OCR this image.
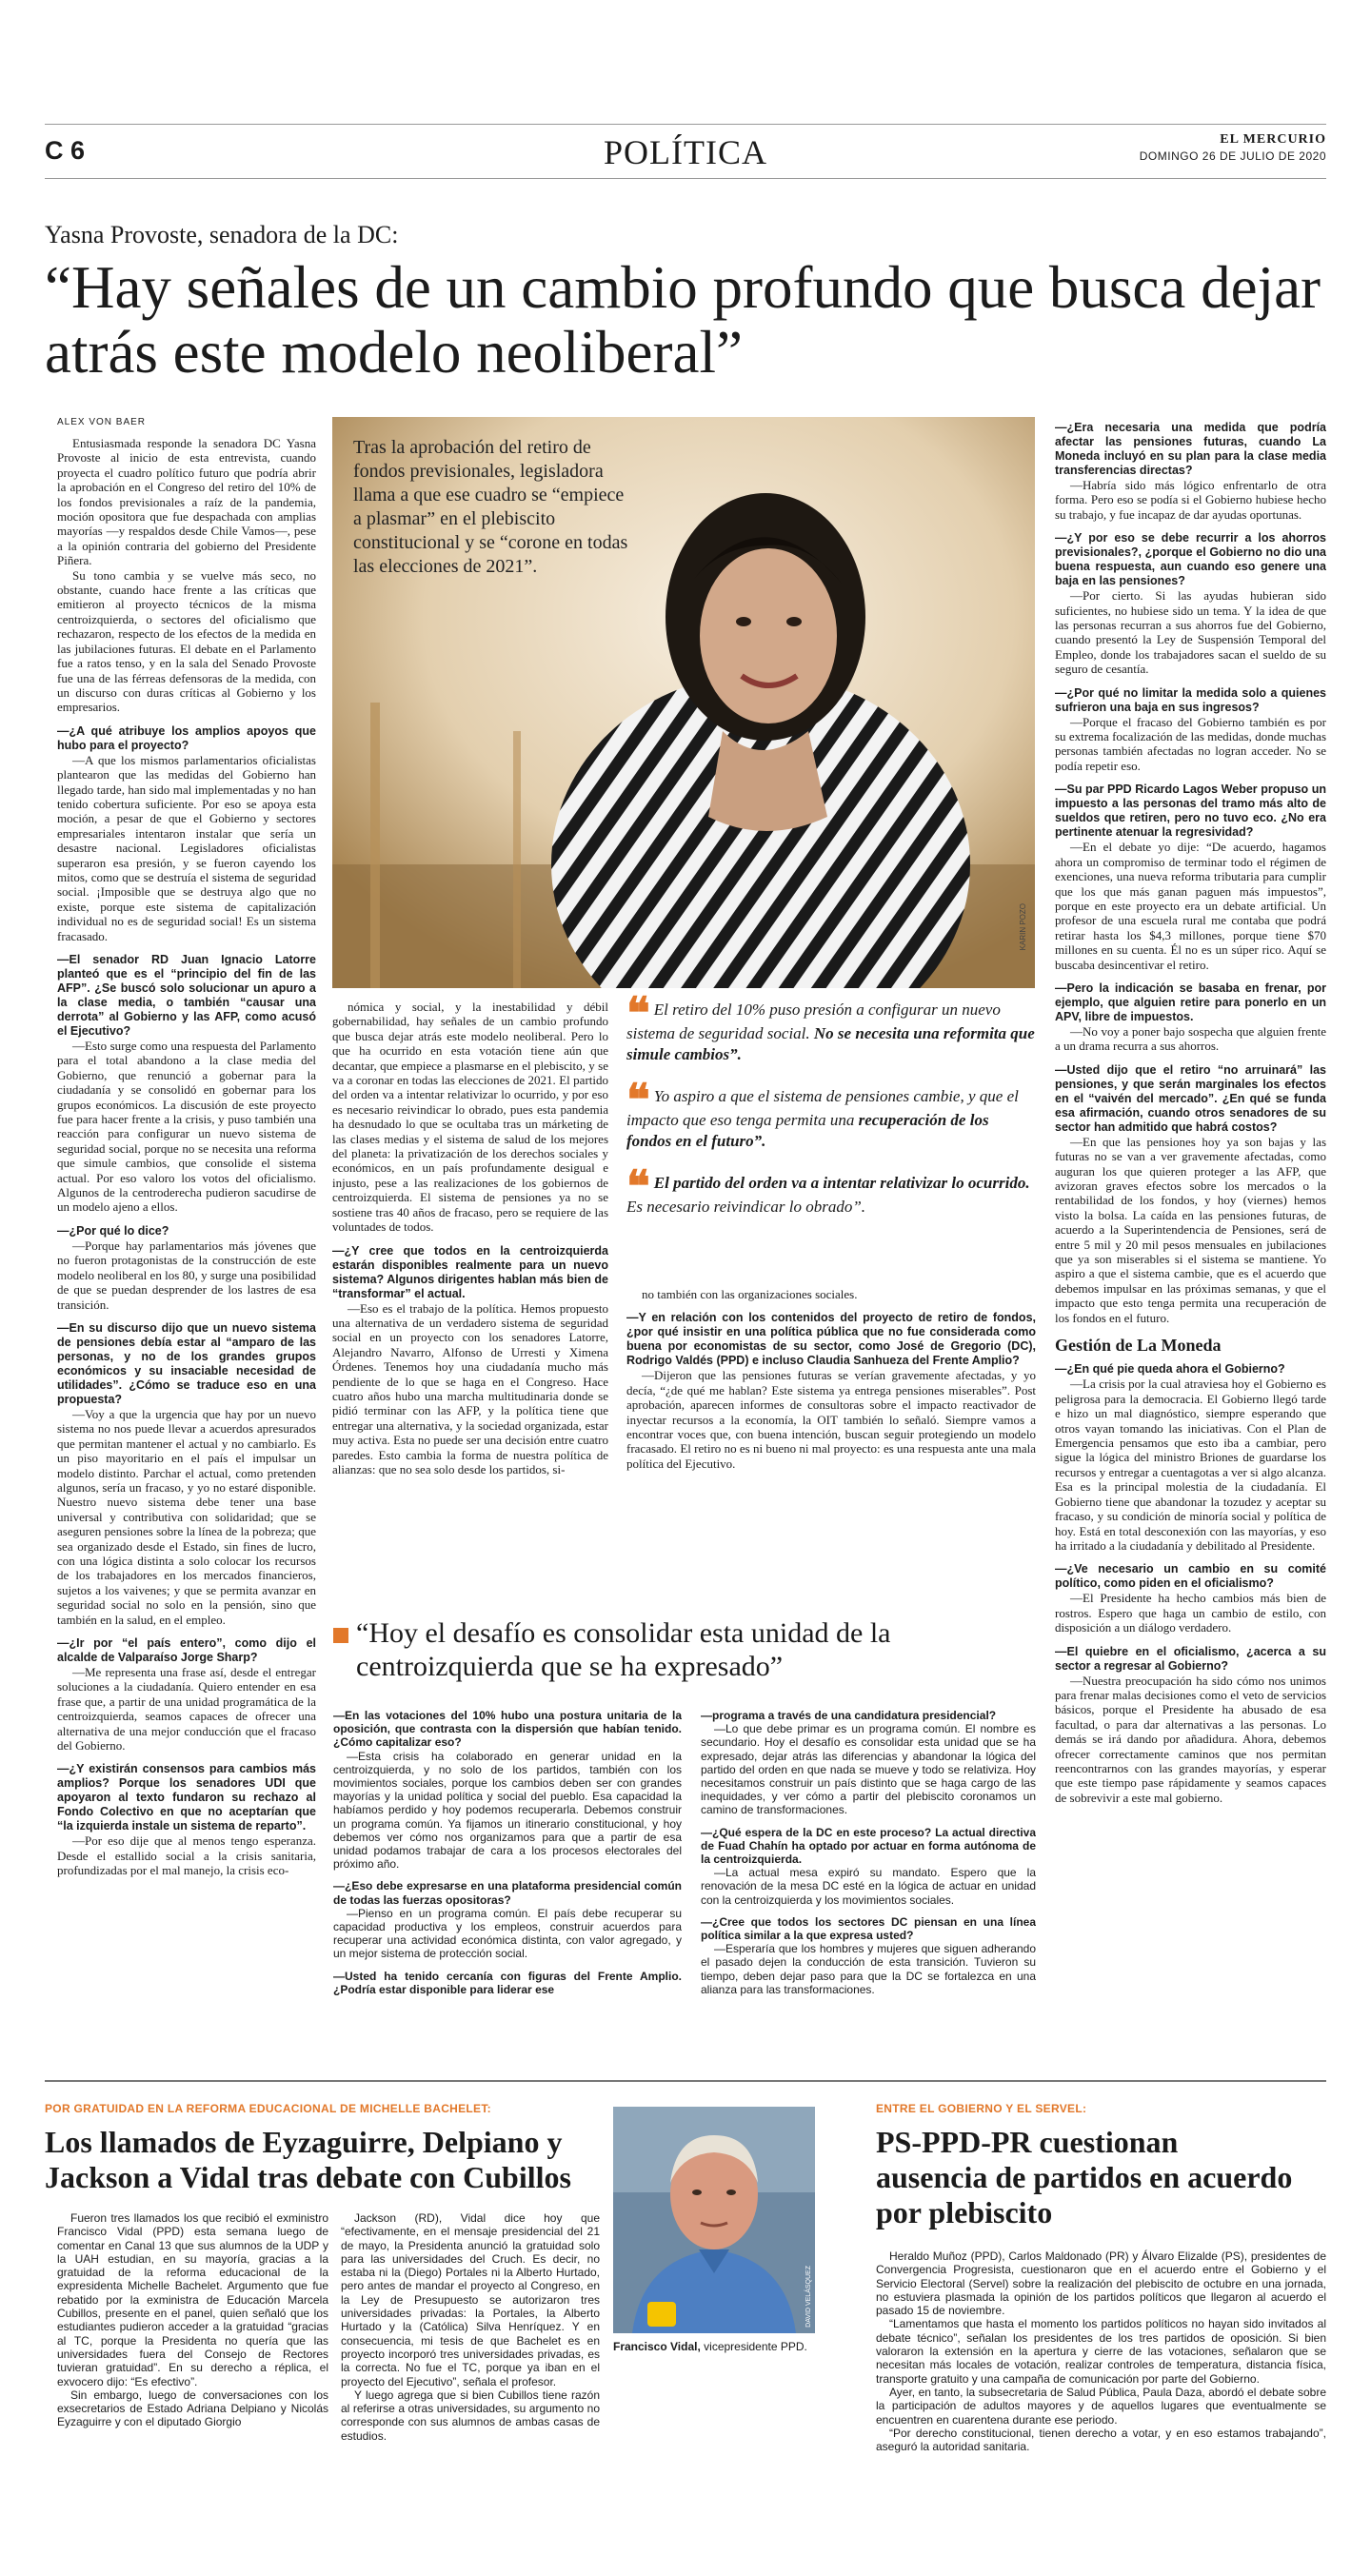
C 6	POLÍTICA	EL MERCURIO
DOMINGO 26 DE JULIO DE 2020
Yasna Provoste, senadora de la DC:
“Hay señales de un cambio profundo que busca dejar atrás este modelo neoliberal”
ALEX VON BAER
Tras la aprobación del retiro de fondos previsionales, legisladora llama a que ese cuadro se “empiece a plasmar” en el plebiscito constitucional y se “corone en todas las elecciones de 2021”.
KARIN POZO

Entusiasmada responde la senadora DC Yasna Provoste al inicio de esta entrevista, cuando proyecta el cuadro político futuro que podría abrir la aprobación en el Congreso del retiro del 10% de los fondos previsionales a raíz de la pandemia, moción opositora que fue despachada con amplias mayorías —y respaldos desde Chile Vamos—, pese a la opinión contraria del gobierno del Presidente Piñera.

Su tono cambia y se vuelve más seco, no obstante, cuando hace frente a las críticas que emitieron al proyecto técnicos de la misma centroizquierda, o sectores del oficialismo que rechazaron, respecto de los efectos de la medida en las jubilaciones futuras. El debate en el Parlamento fue a ratos tenso, y en la sala del Senado Provoste fue una de las férreas defensoras de la medida, con un discurso con duras críticas al Gobierno y los empresarios.

— ¿A qué atribuye los amplios apoyos que hubo para el proyecto?

— A que los mismos parlamentarios oficialistas plantearon que las medidas del Gobierno han llegado tarde, han sido mal implementadas y no han tenido cobertura suficiente. Por eso se apoya esta moción, a pesar de que el Gobierno y sectores empresariales intentaron instalar que sería un desastre nacional. Legisladores oficialistas superaron esa presión, y se fueron cayendo los mitos, como que se destruía el sistema de seguridad social. ¡Imposible que se destruya algo que no existe, porque este sistema de capitalización individual no es de seguridad social! Es un sistema fracasado.

— El senador RD Juan Ignacio Latorre planteó que es el “principio del fin de las AFP”. ¿Se buscó solo solucionar un apuro a la clase media, o también “causar una derrota” al Gobierno y las AFP, como acusó el Ejecutivo?

— Esto surge como una respuesta del Parlamento para el total abandono a la clase media del Gobierno, que renunció a gobernar para la ciudadanía y se consolidó en gobernar para los grupos económicos. La discusión de este proyecto fue para hacer frente a la crisis, y puso también una reacción para configurar un nuevo sistema de seguridad social, porque no se necesita una reforma que simule cambios, que consolide el sistema actual. Por eso valoro los votos del oficialismo. Algunos de la centroderecha pudieron sacudirse de un modelo ajeno a ellos.

— ¿Por qué lo dice?

— Porque hay parlamentarios más jóvenes que no fueron protagonistas de la construcción de este modelo neoliberal en los 80, y surge una posibilidad de que se puedan desprender de los lastres de esa transición.

— En su discurso dijo que un nuevo sistema de pensiones debía estar al “amparo de las personas, y no de los grandes grupos económicos y su insaciable necesidad de utilidades”. ¿Cómo se traduce eso en una propuesta?

— Voy a que la urgencia que hay por un nuevo sistema no nos puede llevar a acuerdos apresurados que permitan mantener el actual y no cambiarlo. Es un piso mayoritario en el país el impulsar un modelo distinto. Parchar el actual, como pretenden algunos, sería un fracaso, y yo no estaré disponible. Nuestro nuevo sistema debe tener una base universal y contributiva con solidaridad; que se aseguren pensiones sobre la línea de la pobreza; que sea organizado desde el Estado, sin fines de lucro, con una lógica distinta a solo colocar los recursos de los trabajadores en los mercados financieros, sujetos a los vaivenes; y que se permita avanzar en seguridad social no solo en la pensión, sino que también en la salud, en el empleo.

— ¿Ir por “el país entero”, como dijo el alcalde de Valparaíso Jorge Sharp?

— Me representa una frase así, desde el entregar soluciones a la ciudadanía. Quiero entender en esa frase que, a partir de una unidad programática de la centroizquierda, seamos capaces de ofrecer una alternativa de una mejor conducción que el fracaso del Gobierno.

— ¿Y existirán consensos para cambios más amplios? Porque los senadores UDI que apoyaron al texto fundaron su rechazo al Fondo Colectivo en que no aceptarían que “la izquierda instale un sistema de reparto”.

— Por eso dije que al menos tengo esperanza. Desde el estallido social a la crisis sanitaria, profundizadas por el mal manejo, la crisis eco-

nómica y social, y la inestabilidad y débil gobernabilidad, hay señales de un cambio profundo que busca dejar atrás este modelo neoliberal. Pero lo que ha ocurrido en esta votación tiene aún que decantar, que empiece a plasmarse en el plebiscito, y se va a coronar en todas las elecciones de 2021. El partido del orden va a intentar relativizar lo ocurrido, y por eso es necesario reivindicar lo obrado, pues esta pandemia ha desnudado lo que se ocultaba tras un márketing de las clases medias y el sistema de salud de los mejores del planeta: la privatización de los derechos sociales y económicos, en un país profundamente desigual e injusto, pese a las realizaciones de los gobiernos de centroizquierda. El sistema de pensiones ya no se sostiene tras 40 años de fracaso, pero se requiere de las voluntades de todos.

— ¿Y cree que todos en la centroizquierda estarán disponibles realmente para un nuevo sistema? Algunos dirigentes hablan más bien de “transformar” el actual.

— Eso es el trabajo de la política. Hemos propuesto una alternativa de un verdadero sistema de seguridad social en un proyecto con los senadores Latorre, Alejandro Navarro, Alfonso de Urresti y Ximena Órdenes. Tenemos hoy una ciudadanía mucho más pendiente de lo que se haga en el Congreso. Hace cuatro años hubo una marcha multitudinaria donde se pidió terminar con las AFP, y la política tiene que entregar una alternativa, y la sociedad organizada, estar muy activa. Esta no puede ser una decisión entre cuatro paredes. Esto cambia la forma de nuestra política de alianzas: que no sea solo desde los partidos, si-

❝ El retiro del 10% puso presión a configurar un nuevo sistema de seguridad social. No se necesita una reformita que simule cambios”.
❝ Yo aspiro a que el sistema de pensiones cambie, y que el impacto que eso tenga permita una recuperación de los fondos en el futuro”.
❝ El partido del orden va a intentar relativizar lo ocurrido. Es necesario reivindicar lo obrado”.

no también con las organizaciones sociales.

— Y en relación con los contenidos del proyecto de retiro de fondos, ¿por qué insistir en una política pública que no fue considerada como buena por economistas de su sector, como José de Gregorio (DC), Rodrigo Valdés (PPD) e incluso Claudia Sanhueza del Frente Amplio?

— Dijeron que las pensiones futuras se verían gravemente afectadas, y yo decía, “¿de qué me hablan? Este sistema ya entrega pensiones miserables”. Post aprobación, aparecen informes de consultoras sobre el impacto reactivador de inyectar recursos a la economía, la OIT también lo señaló. Siempre vamos a encontrar voces que, con buena intención, buscan seguir protegiendo un modelo fracasado. El retiro no es ni bueno ni mal proyecto: es una respuesta ante una mala política del Ejecutivo.

— ¿Era necesaria una medida que podría afectar las pensiones futuras, cuando La Moneda incluyó en su plan para la clase media transferencias directas?

— Habría sido más lógico enfrentarlo de otra forma. Pero eso se podía si el Gobierno hubiese hecho su trabajo, y fue incapaz de dar ayudas oportunas.

— ¿Y por eso se debe recurrir a los ahorros previsionales?, ¿porque el Gobierno no dio una buena respuesta, aun cuando eso genere una baja en las pensiones?

— Por cierto. Si las ayudas hubieran sido suficientes, no hubiese sido un tema. Y la idea de que las personas recurran a sus ahorros fue del Gobierno, cuando presentó la Ley de Suspensión Temporal del Empleo, donde los trabajadores sacan el sueldo de su seguro de cesantía.

— ¿Por qué no limitar la medida solo a quienes sufrieron una baja en sus ingresos?

— Porque el fracaso del Gobierno también es por su extrema focalización de las medidas, donde muchas personas también afectadas no logran acceder. No se podía repetir eso.

— Su par PPD Ricardo Lagos Weber propuso un impuesto a las personas del tramo más alto de sueldos que retiren, pero no tuvo eco. ¿No era pertinente atenuar la regresividad?

— En el debate yo dije: “De acuerdo, hagamos ahora un compromiso de terminar todo el régimen de exenciones, una nueva reforma tributaria para cumplir que los que más ganan paguen más impuestos”, porque en este proyecto era un debate artificial. Un profesor de una escuela rural me contaba que podrá retirar hasta los $4,3 millones, porque tiene $70 millones en su cuenta. Él no es un súper rico. Aquí se buscaba desincentivar el retiro.

— Pero la indicación se basaba en frenar, por ejemplo, que alguien retire para ponerlo en un APV, libre de impuestos.

— No voy a poner bajo sospecha que alguien frente a un drama recurra a sus ahorros.

— Usted dijo que el retiro “no arruinará” las pensiones, y que serán marginales los efectos en el “vaivén del mercado”. ¿En qué se funda esa afirmación, cuando otros senadores de su sector han admitido que habrá costos?

— En que las pensiones hoy ya son bajas y las futuras no se van a ver gravemente afectadas, como auguran los que quieren proteger a las AFP, que avizoran graves efectos sobre los mercados o la rentabilidad de los fondos, y hoy (viernes) hemos visto la bolsa. La caída en las pensiones futuras, de acuerdo a la Superintendencia de Pensiones, será de entre 5 mil y 20 mil pesos mensuales en jubilaciones que ya son miserables si el sistema se mantiene. Yo aspiro a que el sistema cambie, que es el acuerdo que debemos impulsar en las próximas semanas, y que el impacto que esto tenga permita una recuperación de los fondos en el futuro.

Gestión de La Moneda

— ¿En qué pie queda ahora el Gobierno?

— La crisis por la cual atraviesa hoy el Gobierno es peligrosa para la democracia. El Gobierno llegó tarde e hizo un mal diagnóstico, siempre esperando que otros vayan tomando las iniciativas. Con el Plan de Emergencia pensamos que esto iba a cambiar, pero sigue la lógica del ministro Briones de guardarse los recursos y entregar a cuentagotas a ver si algo alcanza. Esa es la principal molestia de la ciudadanía. El Gobierno tiene que abandonar la tozudez y aceptar su fracaso, y su condición de minoría social y política de hoy. Está en total desconexión con las mayorías, y eso ha irritado a la ciudadanía y debilitado al Presidente.

— ¿Ve necesario un cambio en su comité político, como piden en el oficialismo?

— El Presidente ha hecho cambios más bien de rostros. Espero que haga un cambio de estilo, con disposición a un diálogo verdadero.

— El quiebre en el oficialismo, ¿acerca a su sector a regresar al Gobierno?

— Nuestra preocupación ha sido cómo nos unimos para frenar malas decisiones como el veto de servicios básicos, porque el Presidente ha abusado de esa facultad, o para dar alternativas a las personas. Lo demás se irá dando por añadidura. Ahora, debemos ofrecer correctamente caminos que nos permitan reencontrarnos con las grandes mayorías, y esperar que este tiempo pase rápidamente y seamos capaces de sobrevivir a este mal gobierno.

“Hoy el desafío es consolidar esta unidad de la centroizquierda que se ha expresado”

— En las votaciones del 10% hubo una postura unitaria de la oposición, que contrasta con la dispersión que habían tenido. ¿Cómo capitalizar eso?

— Esta crisis ha colaborado en generar unidad en la centroizquierda, y no solo de los partidos, también con los movimientos sociales, porque los cambios deben ser con grandes mayorías y la unidad política y social del pueblo. Esa capacidad la habíamos perdido y hoy podemos recuperarla. Debemos construir un programa común. Ya fijamos un itinerario constitucional, y hoy debemos ver cómo nos organizamos para que a partir de esa unidad podamos trabajar de cara a los procesos electorales del próximo año.

— ¿Eso debe expresarse en una plataforma presidencial común de todas las fuerzas opositoras?

— Pienso en un programa común. El país debe recuperar su capacidad productiva y los empleos, construir acuerdos para recuperar una actividad económica distinta, con valor agregado, y un mejor sistema de protección social.

— Usted ha tenido cercanía con figuras del Frente Amplio. ¿Podría estar disponible para liderar ese

— programa a través de una candidatura presidencial?

— Lo que debe primar es un programa común. El nombre es secundario. Hoy el desafío es consolidar esta unidad que se ha expresado, dejar atrás las diferencias y abandonar la lógica del partido del orden en que nada se mueve y todo se relativiza. Hoy necesitamos construir un país distinto que se haga cargo de las inequidades, y ver cómo a partir del plebiscito coronamos un camino de transformaciones.

— ¿Qué espera de la DC en este proceso? La actual directiva de Fuad Chahín ha optado por actuar en forma autónoma de la centroizquierda.

— La actual mesa expiró su mandato. Espero que la renovación de la mesa DC esté en la lógica de actuar en unidad con la centroizquierda y los movimientos sociales.

— ¿Cree que todos los sectores DC piensan en una línea política similar a la que expresa usted?

— Esperaría que los hombres y mujeres que siguen adherando el pasado dejen la conducción de esta transición. Tuvieron su tiempo, deben dejar paso para que la DC se fortalezca en una alianza para las transformaciones.

POR GRATUIDAD EN LA REFORMA EDUCACIONAL DE MICHELLE BACHELET:
Los llamados de Eyzaguirre, Delpiano y Jackson a Vidal tras debate con Cubillos

Fueron tres llamados los que recibió el exministro Francisco Vidal (PPD) esta semana luego de comentar en Canal 13 que sus alumnos de la UDP y la UAH estudian, en su mayoría, gracias a la gratuidad de la reforma educacional de la expresidenta Michelle Bachelet. Argumento que fue rebatido por la exministra de Educación Marcela Cubillos, presente en el panel, quien señaló que los estudiantes pudieron acceder a la gratuidad “gracias al TC, porque la Presidenta no quería que las universidades fuera del Consejo de Rectores tuvieran gratuidad”. En su derecho a réplica, el exvocero dijo: “Es efectivo”.

Sin embargo, luego de conversaciones con los exsecretarios de Estado Adriana Delpiano y Nicolás Eyzaguirre y con el diputado Giorgio

Jackson (RD), Vidal dice hoy que “efectivamente, en el mensaje presidencial del 21 de mayo, la Presidenta anunció la gratuidad solo para las universidades del Cruch. Es decir, no estaba ni la (Diego) Portales ni la Alberto Hurtado, pero antes de mandar el proyecto al Congreso, en la Ley de Presupuesto se autorizaron tres universidades privadas: la Portales, la Alberto Hurtado y la (Católica) Silva Henríquez. Y en consecuencia, mi tesis de que Bachelet es en proyecto incorporó tres universidades privadas, es la correcta. No fue el TC, porque ya iban en el proyecto del Ejecutivo”, señala el profesor.

Y luego agrega que si bien Cubillos tiene razón al referirse a otras universidades, su argumento no corresponde con sus alumnos de ambas casas de estudios.

DAVID VELÁSQUEZ
Francisco Vidal, vicepresidente PPD.
ENTRE EL GOBIERNO Y EL SERVEL:
PS-PPD-PR cuestionan ausencia de partidos en acuerdo por plebiscito

Heraldo Muñoz (PPD), Carlos Maldonado (PR) y Álvaro Elizalde (PS), presidentes de Convergencia Progresista, cuestionaron que en el acuerdo entre el Gobierno y el Servicio Electoral (Servel) sobre la realización del plebiscito de octubre en una jornada, no estuviera plasmada la opinión de los partidos políticos que llegaron al acuerdo el pasado 15 de noviembre.

“Lamentamos que hasta el momento los partidos políticos no hayan sido invitados al debate técnico”, señalan los presidentes de los tres partidos de oposición. Si bien valoraron la extensión en la apertura y cierre de las votaciones, señalaron que se necesitan más locales de votación, realizar controles de temperatura, distancia física, transporte gratuito y una campaña de comunicación por parte del Gobierno.

Ayer, en tanto, la subsecretaria de Salud Pública, Paula Daza, abordó el debate sobre la participación de adultos mayores y de aquellos lugares que eventualmente se encuentren en cuarentena durante ese periodo.

“Por derecho constitucional, tienen derecho a votar, y en eso estamos trabajando”, aseguró la autoridad sanitaria.
